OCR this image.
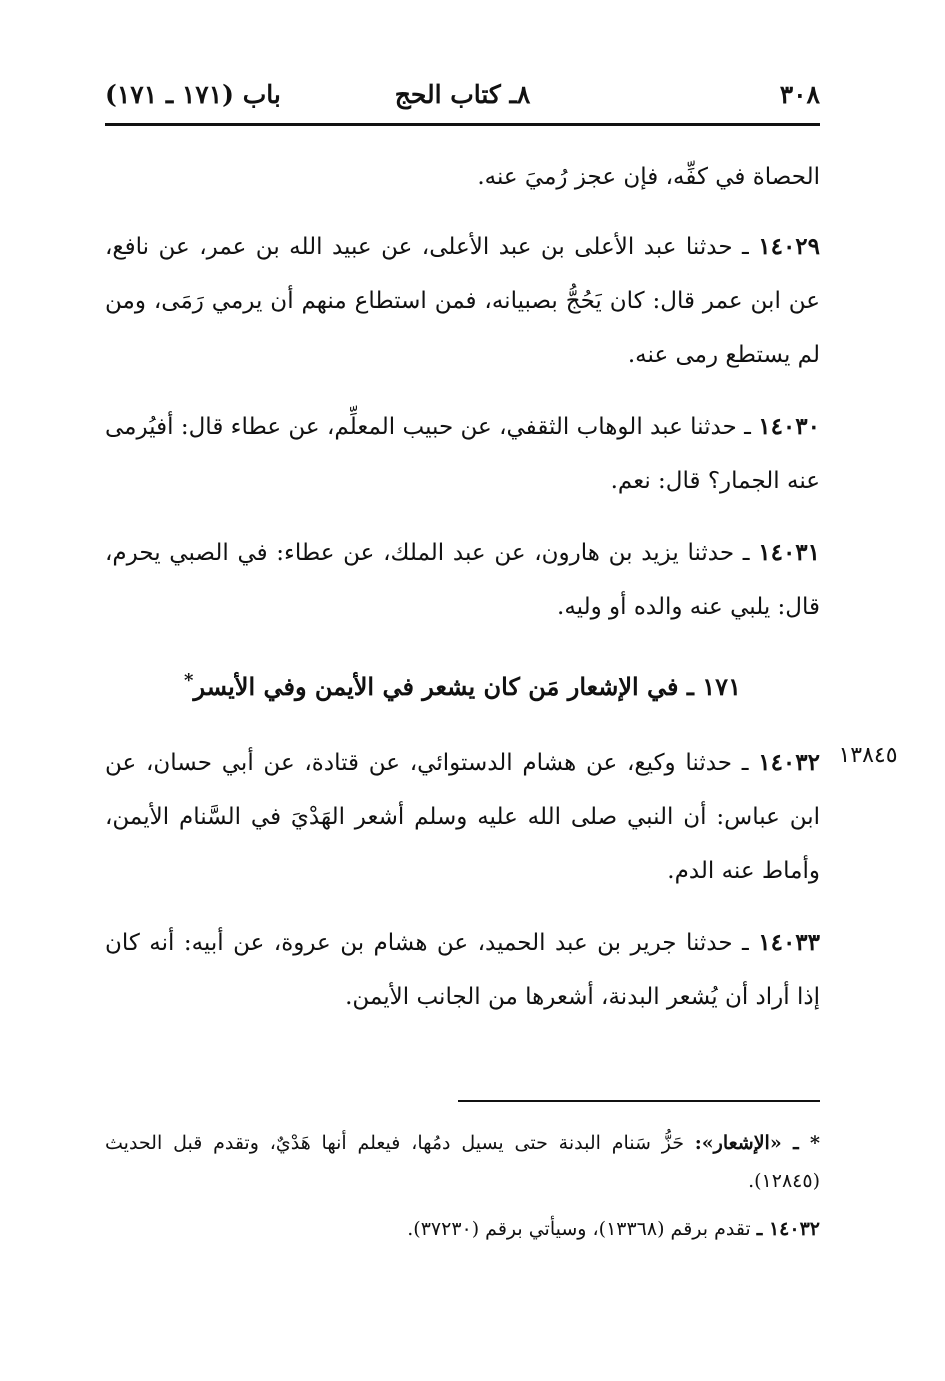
٣٠٨
٨ـ كتاب الحج
باب (١٧١ ـ ١٧١)
١٣٨٤٥

الحصاة في كفِّه، فإن عجز رُميَ عنه.

١٤٠٢٩ ـ حدثنا عبد الأعلى بن عبد الأعلى، عن عبيد الله بن عمر، عن نافع، عن ابن عمر قال: كان يَحُجُّ بصبيانه، فمن استطاع منهم أن يرمي رَمَى، ومن لم يستطع رمى عنه.

١٤٠٣٠ ـ حدثنا عبد الوهاب الثقفي، عن حبيب المعلِّم، عن عطاء قال: أفيُرمى عنه الجمار؟ قال: نعم.

١٤٠٣١ ـ حدثنا يزيد بن هارون، عن عبد الملك، عن عطاء: في الصبي يحرم، قال: يلبي عنه والده أو وليه.

١٧١ ـ في الإشعار مَن كان يشعر في الأيمن وفي الأيسر*

١٤٠٣٢ ـ حدثنا وكيع، عن هشام الدستوائي، عن قتادة، عن أبي حسان، عن ابن عباس: أن النبي صلى الله عليه وسلم أشعر الهَدْيَ في السَّنام الأيمن، وأماط عنه الدم.

١٤٠٣٣ ـ حدثنا جرير بن عبد الحميد، عن هشام بن عروة، عن أبيه: أنه كان إذا أراد أن يُشعر البدنة، أشعرها من الجانب الأيمن.

* ـ «الإشعار»: حَزُّ سَنام البدنة حتى يسيل دمُها، فيعلم أنها هَدْيٌ، وتقدم قبل الحديث (١٢٨٤٥).

١٤٠٣٢ ـ تقدم برقم (١٣٣٦٨)، وسيأتي برقم (٣٧٢٣٠).
